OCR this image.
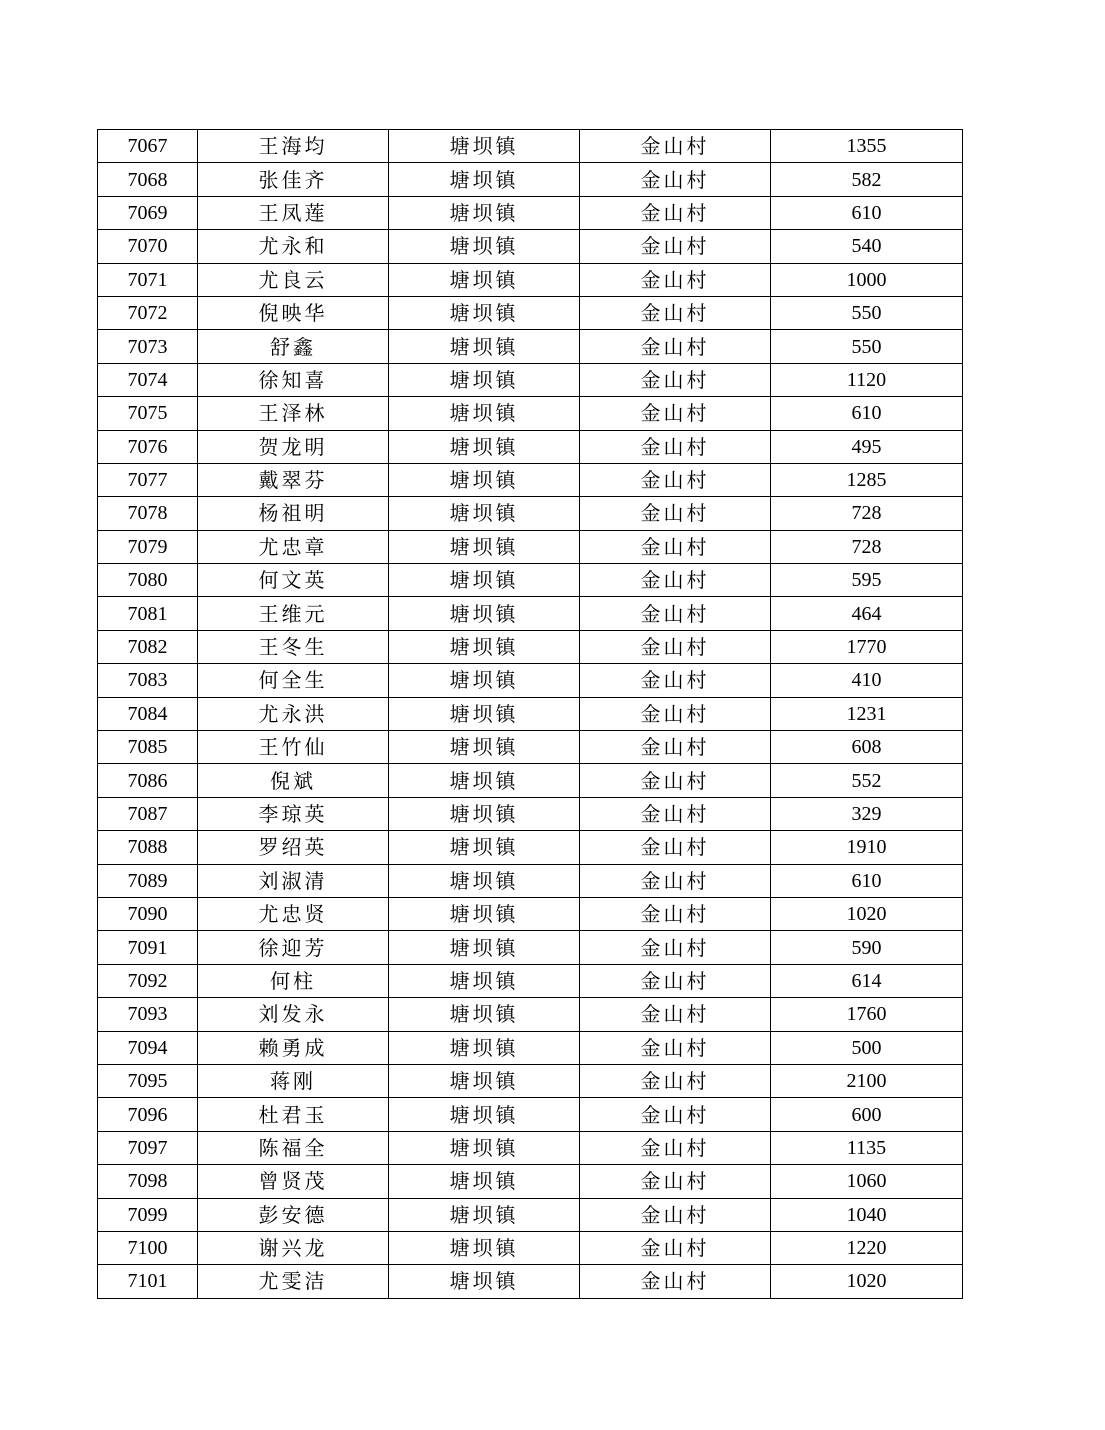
7067	王海均	塘坝镇	金山村	1355
7068	张佳齐	塘坝镇	金山村	582
7069	王凤莲	塘坝镇	金山村	610
7070	尤永和	塘坝镇	金山村	540
7071	尤良云	塘坝镇	金山村	1000
7072	倪映华	塘坝镇	金山村	550
7073	舒鑫	塘坝镇	金山村	550
7074	徐知喜	塘坝镇	金山村	1120
7075	王泽林	塘坝镇	金山村	610
7076	贺龙明	塘坝镇	金山村	495
7077	戴翠芬	塘坝镇	金山村	1285
7078	杨祖明	塘坝镇	金山村	728
7079	尤忠章	塘坝镇	金山村	728
7080	何文英	塘坝镇	金山村	595
7081	王维元	塘坝镇	金山村	464
7082	王冬生	塘坝镇	金山村	1770
7083	何全生	塘坝镇	金山村	410
7084	尤永洪	塘坝镇	金山村	1231
7085	王竹仙	塘坝镇	金山村	608
7086	倪斌	塘坝镇	金山村	552
7087	李琼英	塘坝镇	金山村	329
7088	罗绍英	塘坝镇	金山村	1910
7089	刘淑清	塘坝镇	金山村	610
7090	尤忠贤	塘坝镇	金山村	1020
7091	徐迎芳	塘坝镇	金山村	590
7092	何柱	塘坝镇	金山村	614
7093	刘发永	塘坝镇	金山村	1760
7094	赖勇成	塘坝镇	金山村	500
7095	蒋刚	塘坝镇	金山村	2100
7096	杜君玉	塘坝镇	金山村	600
7097	陈福全	塘坝镇	金山村	1135
7098	曾贤茂	塘坝镇	金山村	1060
7099	彭安德	塘坝镇	金山村	1040
7100	谢兴龙	塘坝镇	金山村	1220
7101	尤雯洁	塘坝镇	金山村	1020
